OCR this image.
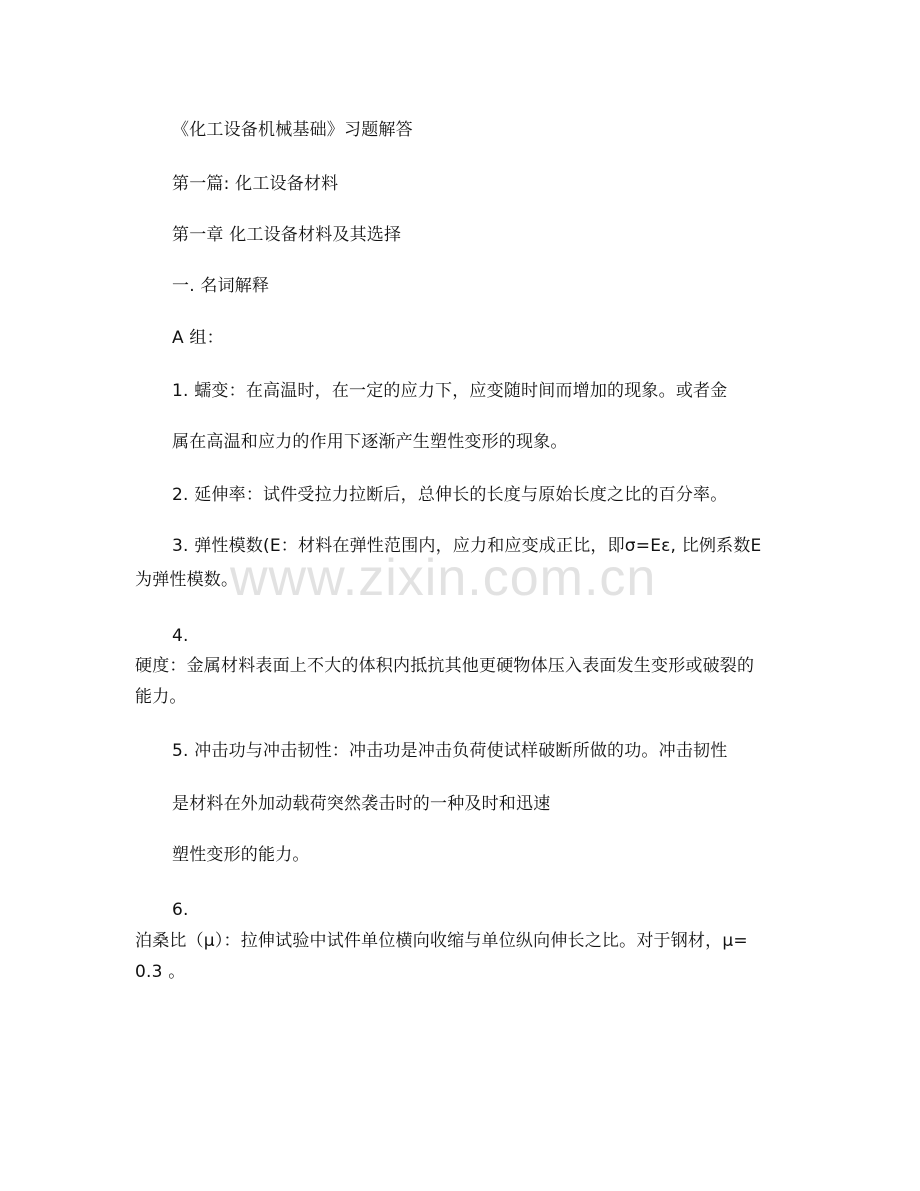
《化工设备机械基础》习题解答
第一篇: 化工设备材料
第一章 化工设备材料及其选择
一. 名词解释
A 组：
1. 蠕变：在高温时，在一定的应力下，应变随时间而增加的现象。或者金
属在高温和应力的作用下逐渐产生塑性变形的现象。
2. 延伸率：试件受拉力拉断后，总伸长的长度与原始长度之比的百分率。
3. 弹性模数(E：材料在弹性范围内，应力和应变成正比，即σ=Eε, 比例系数E
为弹性模数。
4.
硬度：金属材料表面上不大的体积内抵抗其他更硬物体压入表面发生变形或破裂的
能力。
5. 冲击功与冲击韧性：冲击功是冲击负荷使试样破断所做的功。冲击韧性
是材料在外加动载荷突然袭击时的一种及时和迅速
塑性变形的能力。
6.
泊桑比（μ）：拉伸试验中试件单位横向收缩与单位纵向伸长之比。对于钢材，μ=
0.3 。
www.zixin.com.cn
